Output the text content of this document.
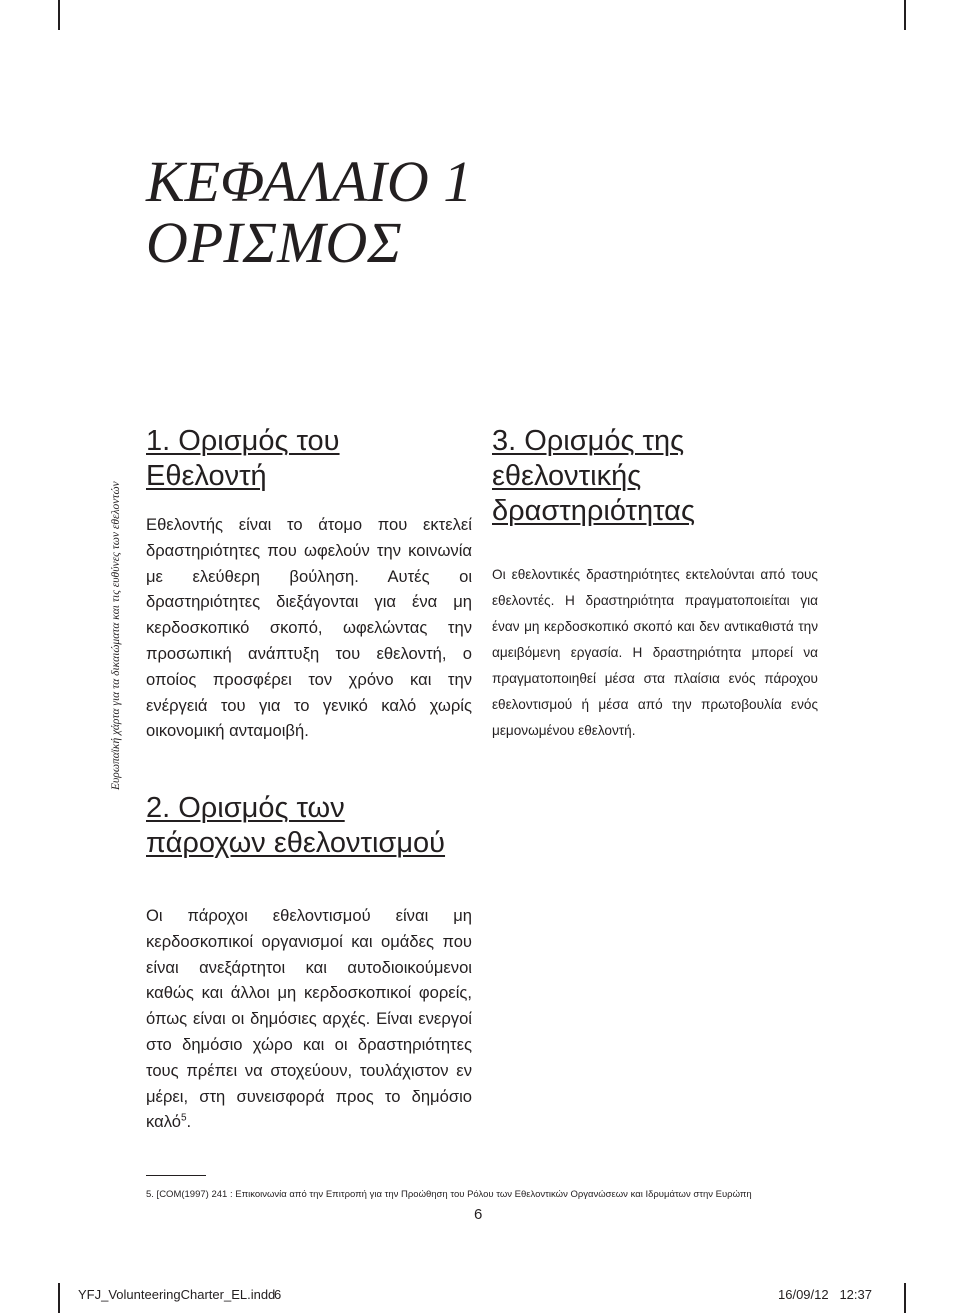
ΚΕΦΑΛΑΙΟ 1
ΟΡΙΣΜΟΣ
Ευρωπαϊκή χάρτα για τα δικαιώματα και τις ευθύνες των εθελοντών
1. Ορισμός του
Εθελοντή

Εθελοντής είναι το άτομο που εκτελεί δραστηριότητες που ωφελούν την κοινωνία με ελεύθερη βούληση. Αυτές οι δραστηριότητες διεξάγονται για ένα μη κερδοσκοπικό σκοπό, ωφελώντας την προσωπική ανάπτυξη του εθελοντή, ο οποίος προσφέρει τον χρόνο και την ενέργειά του για το γενικό καλό χωρίς οικονομική ανταμοιβή.

2. Ορισμός των
πάροχων εθελοντισμού

Οι πάροχοι εθελοντισμού είναι μη κερδοσκοπικοί οργανισμοί και ομάδες που είναι ανεξάρτητοι και αυτοδιοικούμενοι καθώς και άλλοι μη κερδοσκοπικοί φορείς, όπως είναι οι δημόσιες αρχές. Είναι ενεργοί στο δημόσιο χώρο και οι δραστηριότητες τους πρέπει να στοχεύουν, τουλάχιστον εν μέρει, στη συνεισφορά προς το δημόσιο καλό$^5$.

3. Ορισμός της
εθελοντικής
δραστηριότητας

Οι εθελοντικές δραστηριότητες εκτελούνται από τους εθελοντές. Η δραστηριότητα πραγματοποιείται για έναν μη κερδοσκοπικό σκοπό και δεν αντικαθιστά την αμειβόμενη εργασία. Η δραστηριότητα μπορεί να πραγματοποιηθεί μέσα στα πλαίσια ενός πάροχου εθελοντισμού ή μέσα από την πρωτοβουλία ενός μεμονωμένου εθελοντή.

5. [COM(1997) 241 : Επικοινωνία από την Επιτροπή για την Προώθηση του Ρόλου των Εθελοντικών Οργανώσεων και Ιδρυμάτων στην Ευρώπη

6
YFJ_VolunteeringCharter_EL.indd
6	16/09/12   12:37
